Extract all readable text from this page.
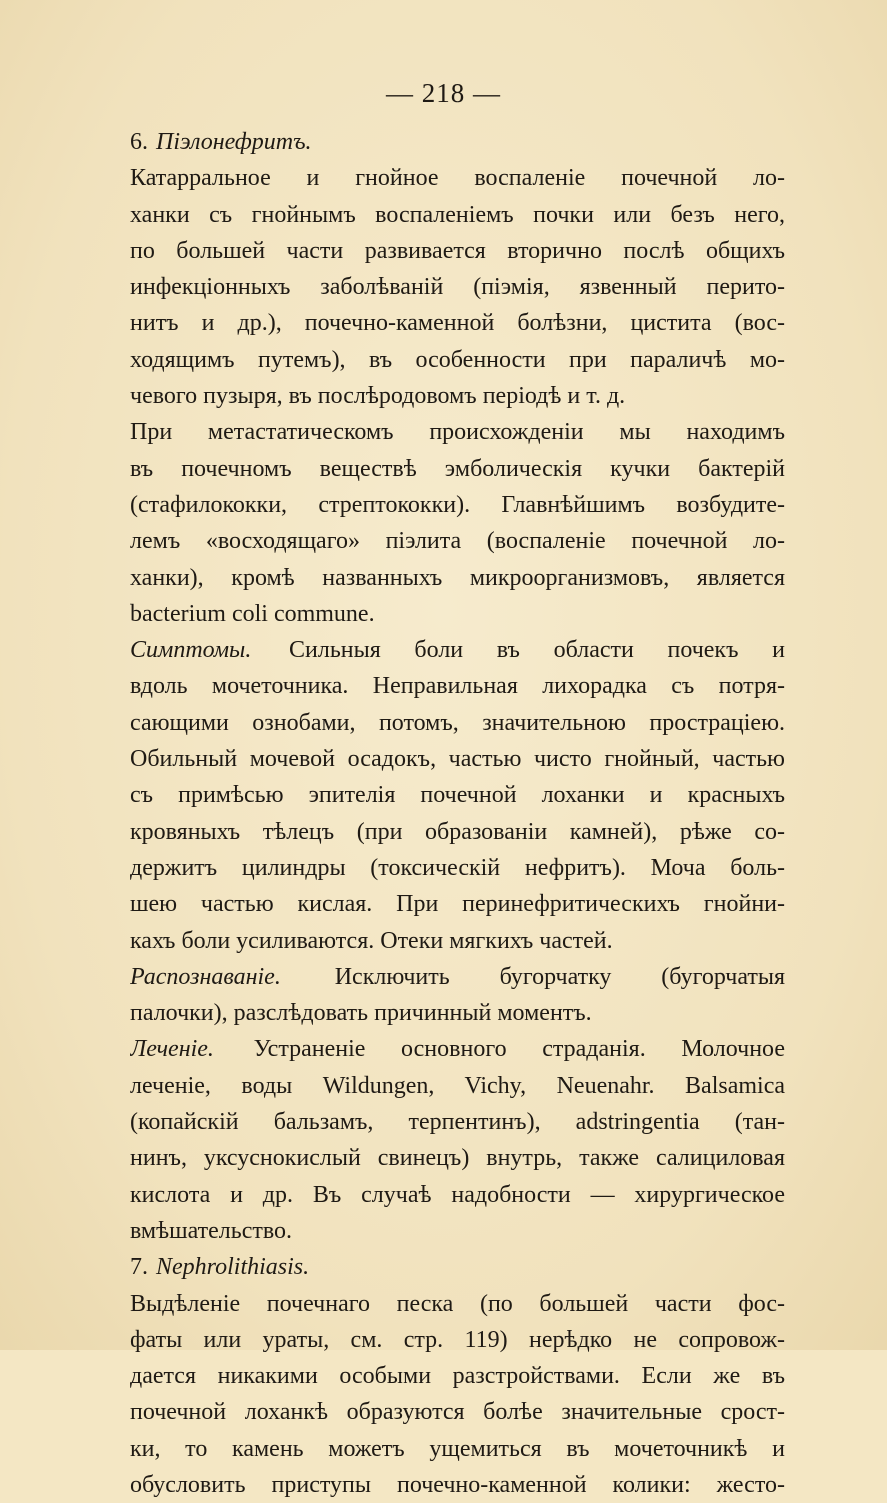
— 218 —
6. Піэлонефритъ.
Катарральное и гнойное воспаленіе почечной ло-
ханки съ гнойнымъ воспаленіемъ почки или безъ него,
по большей части развивается вторично послѣ общихъ
инфекціонныхъ заболѣваній (піэмія, язвенный перито-
нитъ и др.), почечно-каменной болѣзни, цистита (вос-
ходящимъ путемъ), въ особенности при параличѣ мо-
чевого пузыря, въ послѣродовомъ періодѣ и т. д.
При метастатическомъ происхожденіи мы находимъ
въ почечномъ веществѣ эмболическія кучки бактерій
(стафилококки, стрептококки). Главнѣйшимъ возбудите-
лемъ «восходящаго» піэлита (воспаленіе почечной ло-
ханки), кромѣ названныхъ микроорганизмовъ, является
bacterium coli commune.
Симптомы. Сильныя боли въ области почекъ и
вдоль мочеточника. Неправильная лихорадка съ потря-
сающими ознобами, потомъ, значительною прострацiею.
Обильный мочевой осадокъ, частью чисто гнойный, частью
съ примѣсью эпителія почечной лоханки и красныхъ
кровяныхъ тѣлецъ (при образованіи камней), рѣже со-
держитъ цилиндры (токсическій нефритъ). Моча боль-
шею частью кислая. При перинефритическихъ гнойни-
кахъ боли усиливаются. Отеки мягкихъ частей.
Распознаваніе. Исключить бугорчатку (бугорчатыя
палочки), разслѣдовать причинный моментъ.
Леченіе. Устраненіе основного страданія. Молочное
леченіе, воды Wildungen, Vichy, Neuenahr. Balsamica
(копайскій бальзамъ, терпентинъ), adstringentia (тан-
нинъ, уксуснокислый свинецъ) внутрь, также салициловая
кислота и др. Въ случаѣ надобности — хирургическое
вмѣшательство.
7. Nephrolithiasis.
Выдѣленіе почечнаго песка (по большей части фос-
фаты или ураты, см. стр. 119) нерѣдко не сопровож-
дается никакими особыми разстройствами. Если же въ
почечной лоханкѣ образуются болѣе значительные срост-
ки, то камень можетъ ущемиться въ мочеточникѣ и
обусловить приступы почечно-каменной колики: жесто-
